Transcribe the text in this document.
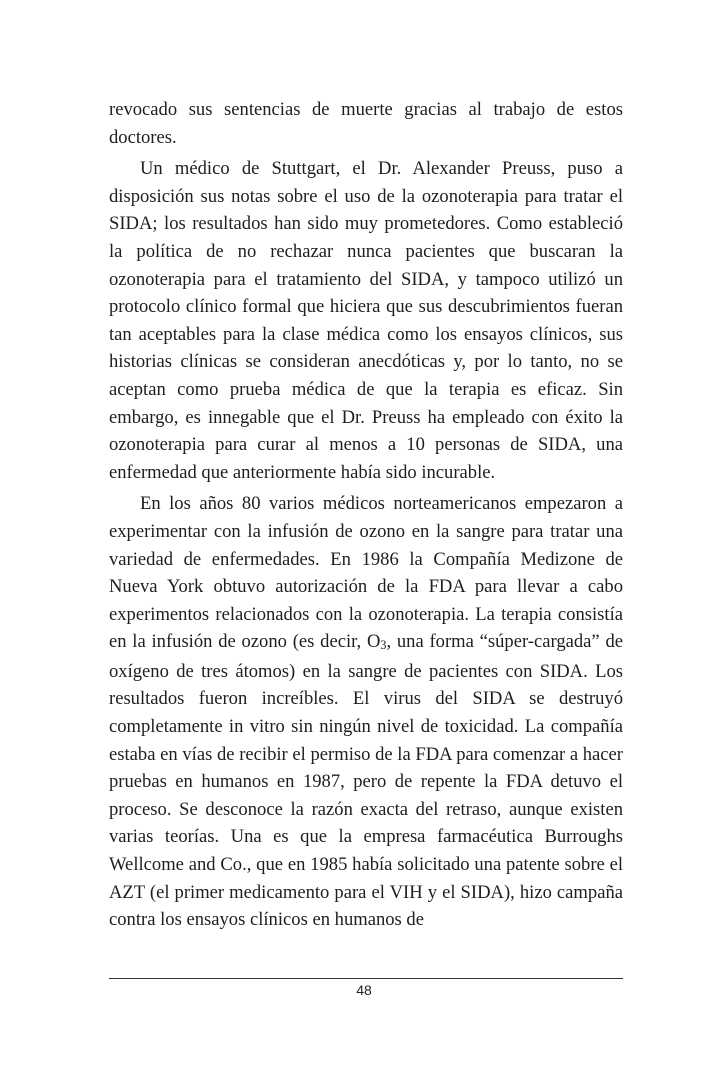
revocado sus sentencias de muerte gracias al trabajo de estos doctores.

Un médico de Stuttgart, el Dr. Alexander Preuss, puso a disposición sus notas sobre el uso de la ozonoterapia para tratar el SIDA; los resultados han sido muy prometedores. Como estableció la política de no rechazar nunca pacientes que buscaran la ozonoterapia para el tratamiento del SIDA, y tampoco utilizó un protocolo clínico formal que hiciera que sus descubrimientos fueran tan aceptables para la clase médica como los ensayos clínicos, sus historias clínicas se consideran anecdóticas y, por lo tanto, no se aceptan como prueba médica de que la terapia es eficaz. Sin embargo, es innegable que el Dr. Preuss ha empleado con éxito la ozonoterapia para curar al menos a 10 personas de SIDA, una enfermedad que anteriormente había sido incurable.

En los años 80 varios médicos norteamericanos empezaron a experimentar con la infusión de ozono en la sangre para tratar una variedad de enfermedades. En 1986 la Compañía Medizone de Nueva York obtuvo autorización de la FDA para llevar a cabo experimentos relacionados con la ozonoterapia. La terapia consistía en la infusión de ozono (es decir, $O_3$, una forma “súper-cargada” de oxígeno de tres átomos) en la sangre de pacientes con SIDA. Los resultados fueron increíbles. El virus del SIDA se destruyó completamente in vitro sin ningún nivel de toxicidad. La compañía estaba en vías de recibir el permiso de la FDA para comenzar a hacer pruebas en humanos en 1987, pero de repente la FDA detuvo el proceso. Se desconoce la razón exacta del retraso, aunque existen varias teorías. Una es que la empresa farmacéutica Burroughs Wellcome and Co., que en 1985 había solicitado una patente sobre el AZT (el primer medicamento para el VIH y el SIDA), hizo campaña contra los ensayos clínicos en humanos de

48
